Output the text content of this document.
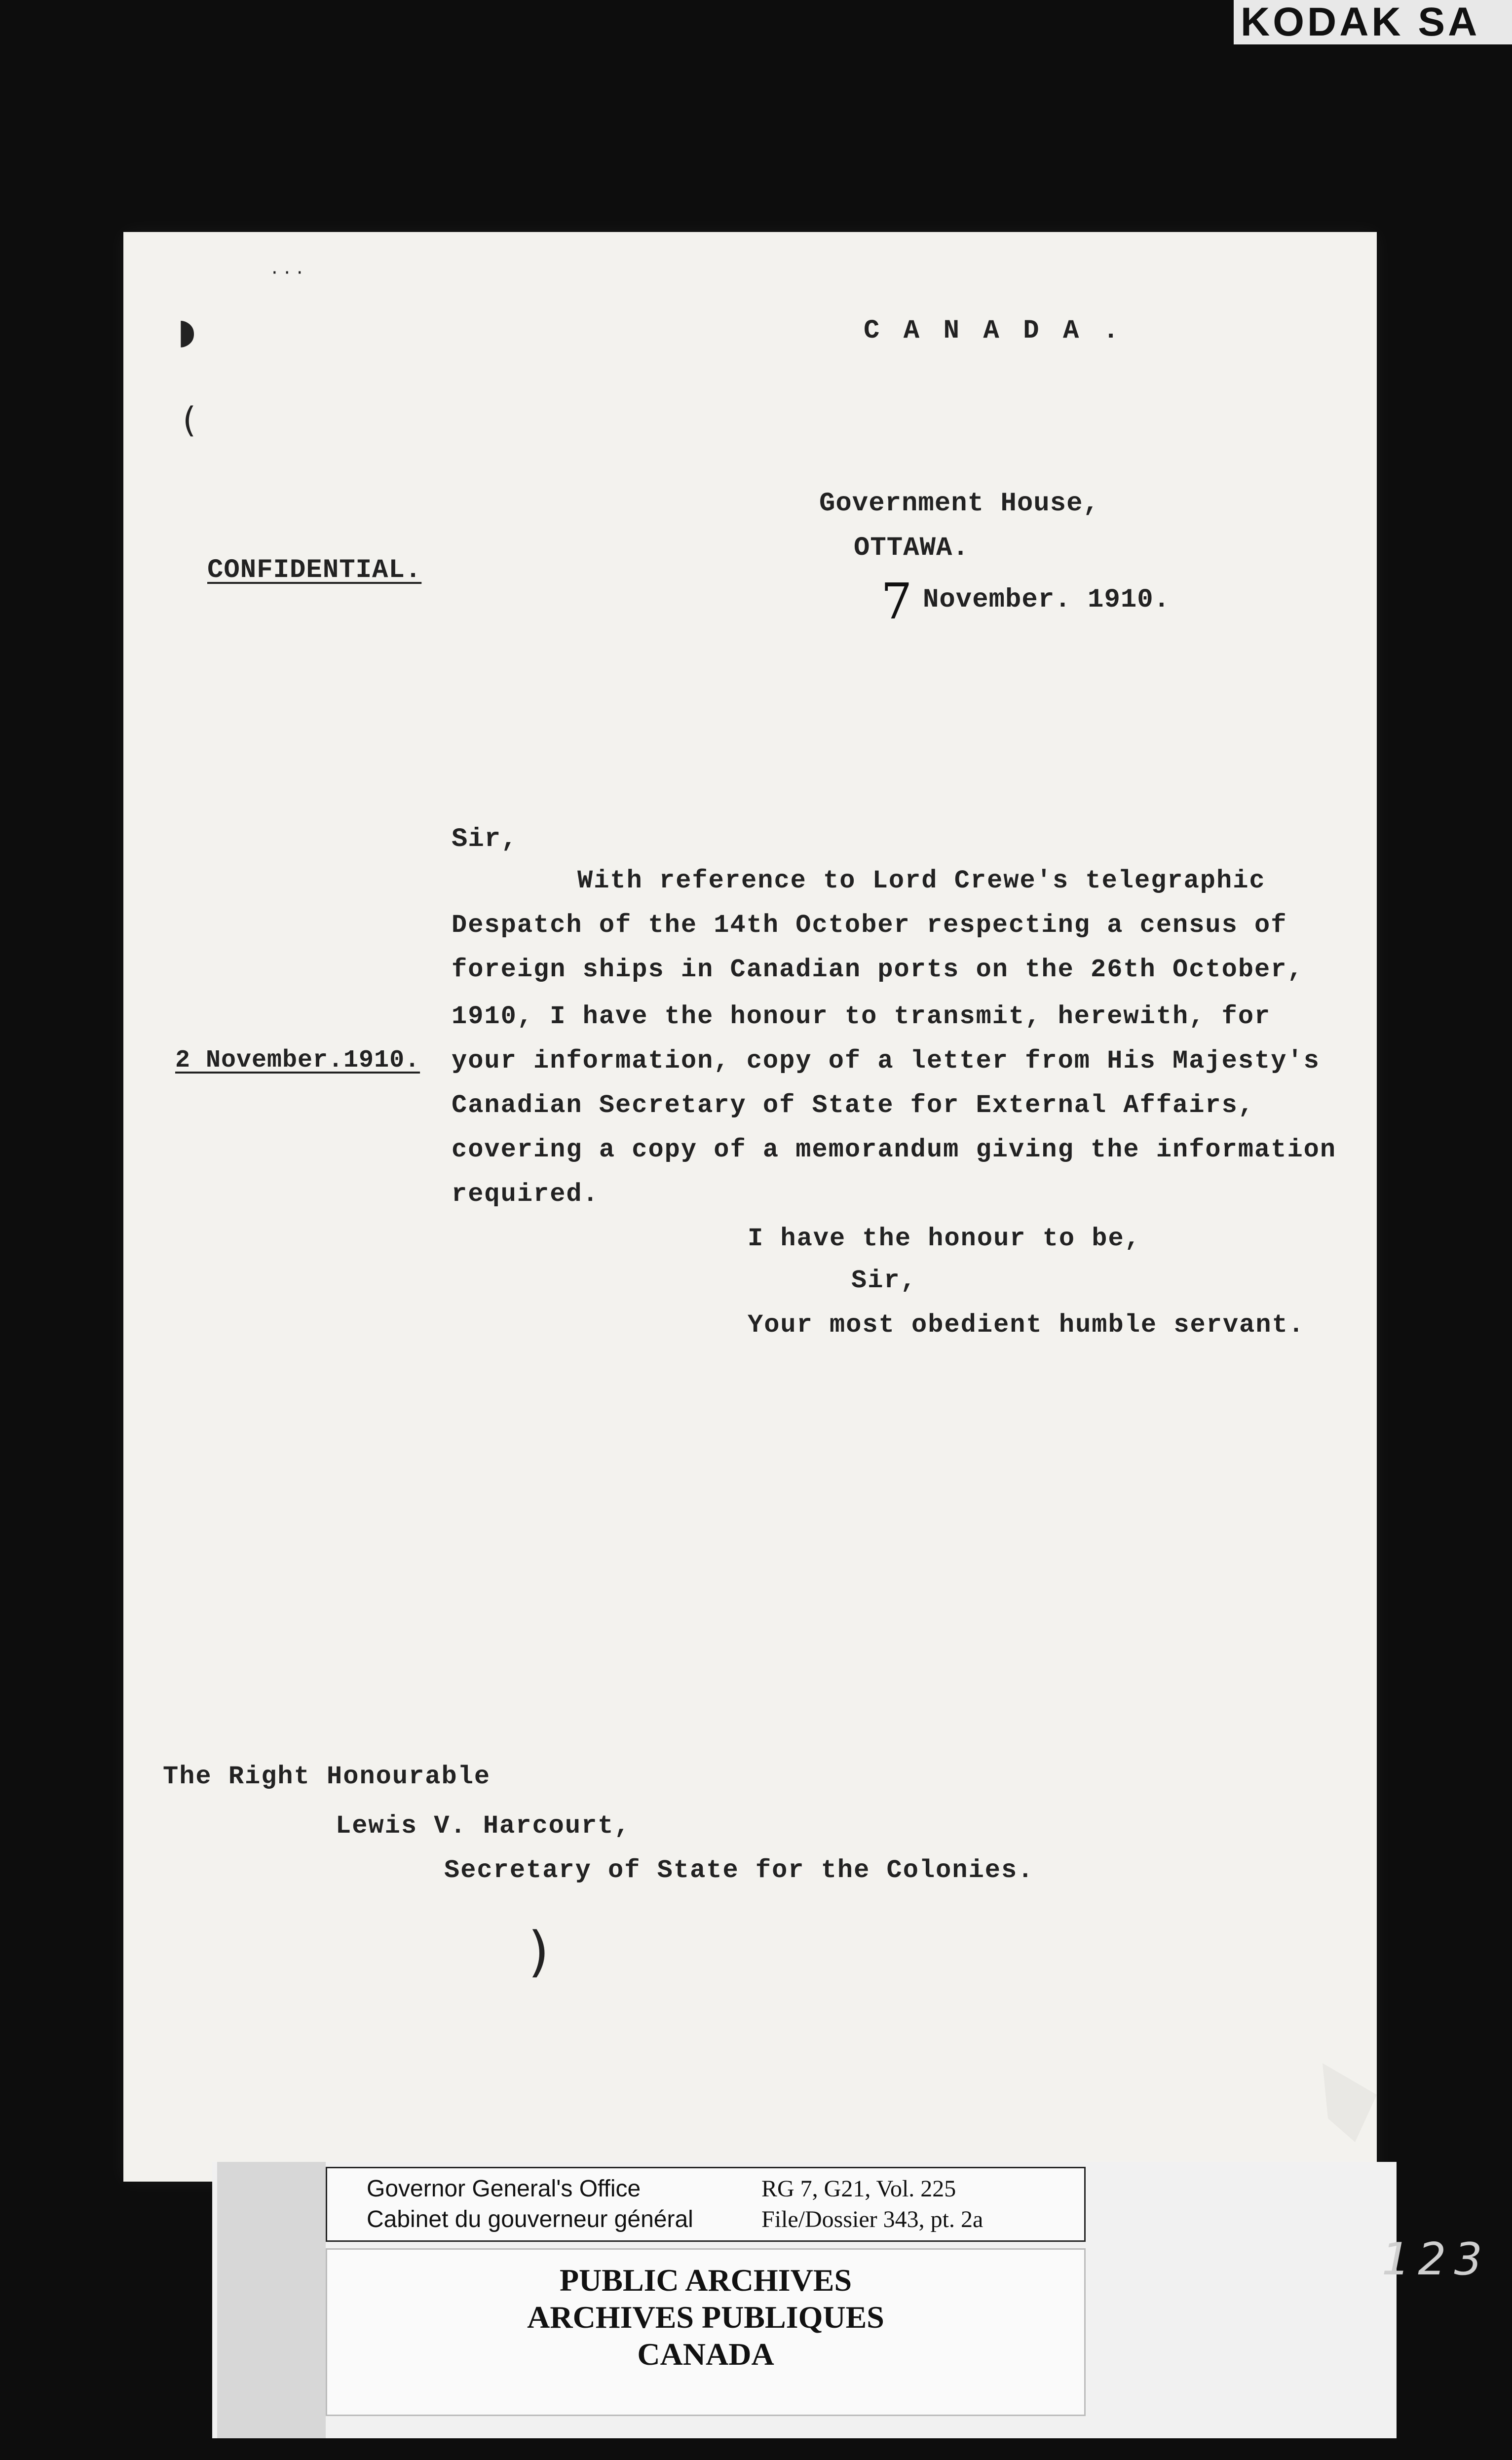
KODAK SA
· · ·
◗
(
C A N A D A .
Government House,
OTTAWA.
7 November. 1910.
CONFIDENTIAL.
Sir,
With reference to Lord Crewe's telegraphic
Despatch of the 14th October respecting a census of
foreign ships in Canadian ports on the 26th October,
1910, I have the honour to transmit, herewith, for
your information, copy of a letter from His Majesty's
Canadian Secretary of State for External Affairs,
covering a copy of a memorandum giving the information
required.
2 November.1910.
I have the honour to be,
Sir,
Your most obedient humble servant.
The Right Honourable
Lewis V. Harcourt,
Secretary of State for the Colonies.
)
Governor General's Office
Cabinet du gouverneur général
RG 7, G21, Vol. 225
File/Dossier 343, pt. 2a
PUBLIC ARCHIVES
ARCHIVES PUBLIQUES
CANADA
123
